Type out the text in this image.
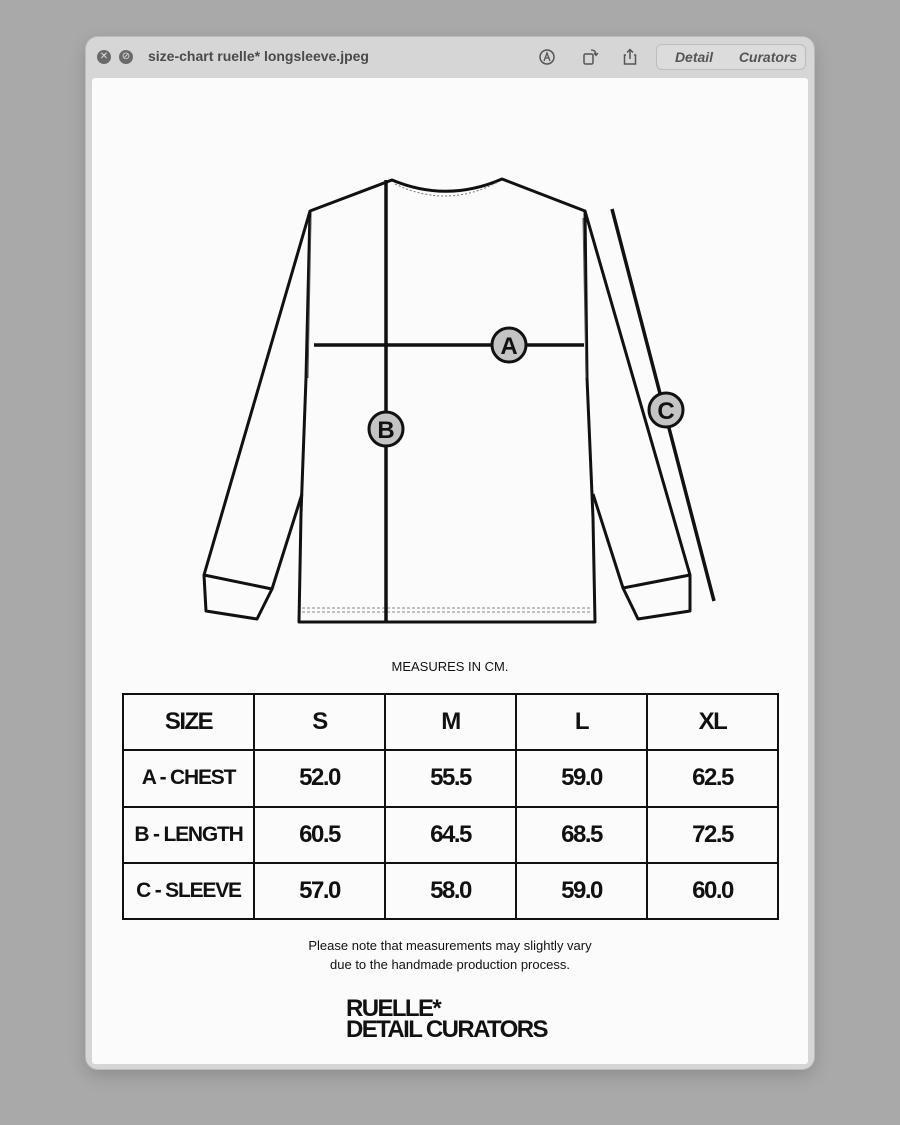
✕ ⊘ size-chart ruelle* longsleeve.jpeg	Detail	Curators
A
B
C
MEASURES IN CM.
SIZE	S	M	L	XL
A - CHEST	52.0	55.5	59.0	62.5
B - LENGTH	60.5	64.5	68.5	72.5
C - SLEEVE	57.0	58.0	59.0	60.0
Please note that measurements may slightly vary
due to the handmade production process.
RUELLE*
DETAIL CURATORS
